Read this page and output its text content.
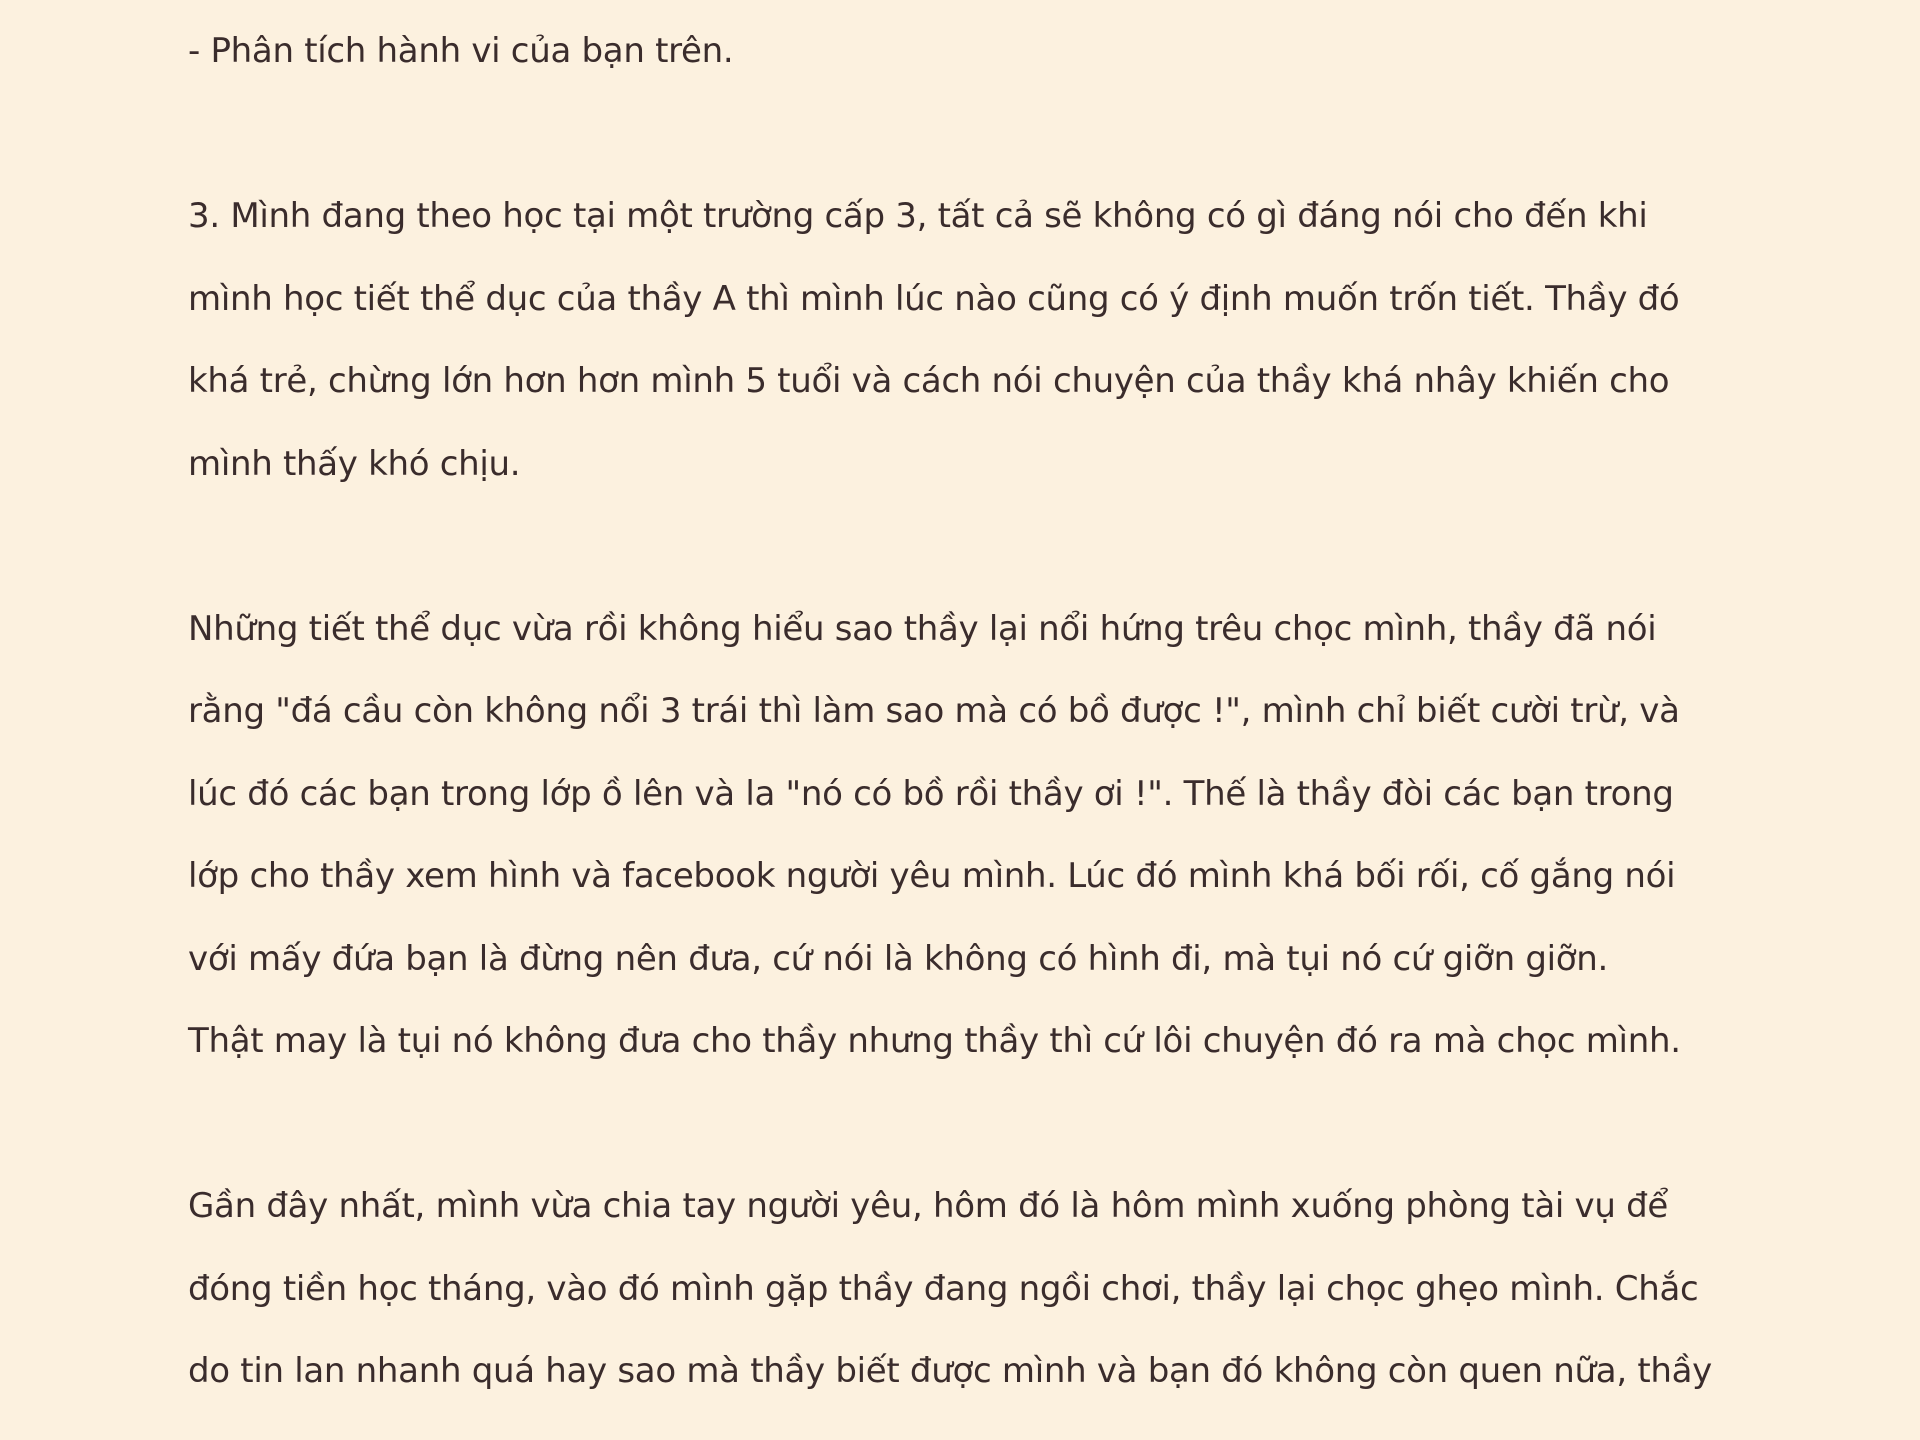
- Phân tích hành vi của bạn trên.

3. Mình đang theo học tại một trường cấp 3, tất cả sẽ không có gì đáng nói cho đến khi
mình học tiết thể dục của thầy A thì mình lúc nào cũng có ý định muốn trốn tiết. Thầy đó
khá trẻ, chừng lớn hơn hơn mình 5 tuổi và cách nói chuyện của thầy khá nhây khiến cho
mình thấy khó chịu.

Những tiết thể dục vừa rồi không hiểu sao thầy lại nổi hứng trêu chọc mình, thầy đã nói
rằng "đá cầu còn không nổi 3 trái thì làm sao mà có bồ được !", mình chỉ biết cười trừ, và
lúc đó các bạn trong lớp ồ lên và la "nó có bồ rồi thầy ơi !". Thế là thầy đòi các bạn trong
lớp cho thầy xem hình và facebook người yêu mình. Lúc đó mình khá bối rối, cố gắng nói
với mấy đứa bạn là đừng nên đưa, cứ nói là không có hình đi, mà tụi nó cứ giỡn giỡn.
Thật may là tụi nó không đưa cho thầy nhưng thầy thì cứ lôi chuyện đó ra mà chọc mình.

Gần đây nhất, mình vừa chia tay người yêu, hôm đó là hôm mình xuống phòng tài vụ để
đóng tiền học tháng, vào đó mình gặp thầy đang ngồi chơi, thầy lại chọc ghẹo mình. Chắc
do tin lan nhanh quá hay sao mà thầy biết được mình và bạn đó không còn quen nữa, thầy
